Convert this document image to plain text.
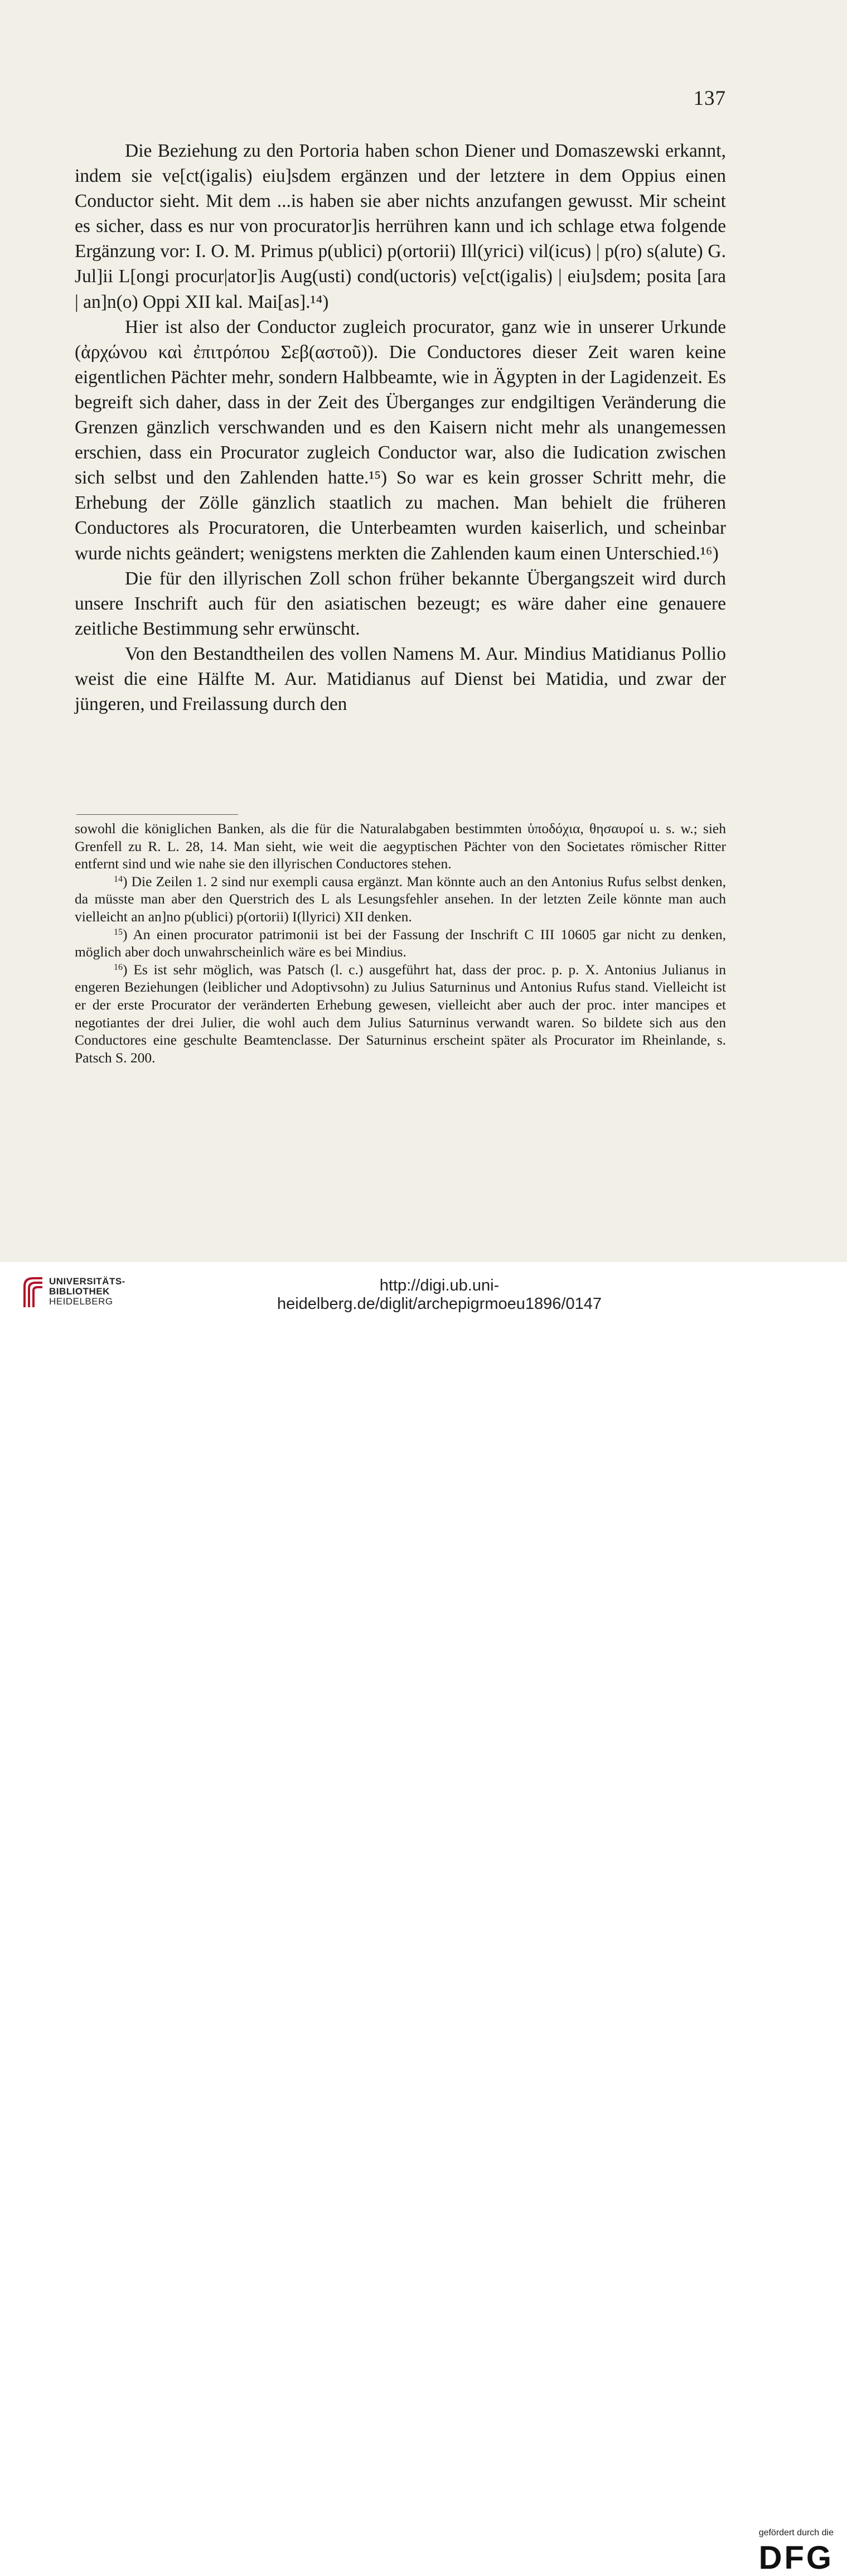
137

Die Beziehung zu den Portoria haben schon Diener und Domaszewski erkannt, indem sie ve[ct(igalis) eiu]sdem ergänzen und der letztere in dem Oppius einen Conductor sieht. Mit dem ...is haben sie aber nichts anzufangen gewusst. Mir scheint es sicher, dass es nur von procurator]is herrühren kann und ich schlage etwa folgende Ergänzung vor: I. O. M. Primus p(ublici) p(ortorii) Ill(yrici) vil(icus) | p(ro) s(alute) G. Jul]ii L[ongi procur|ator]is Aug(usti) cond(uctoris) ve[ct(igalis) | eiu]sdem; posita [ara | an]n(o) Oppi XII kal. Mai[as].¹⁴)

Hier ist also der Conductor zugleich procurator, ganz wie in unserer Urkunde (ἀρχώνου καὶ ἐπιτρόπου Σεβ(αστοῦ)). Die Conductores dieser Zeit waren keine eigentlichen Pächter mehr, sondern Halbbeamte, wie in Ägypten in der Lagidenzeit. Es begreift sich daher, dass in der Zeit des Überganges zur endgiltigen Veränderung die Grenzen gänzlich verschwanden und es den Kaisern nicht mehr als unangemessen erschien, dass ein Procurator zugleich Conductor war, also die Iudication zwischen sich selbst und den Zahlenden hatte.¹⁵) So war es kein grosser Schritt mehr, die Erhebung der Zölle gänzlich staatlich zu machen. Man behielt die früheren Conductores als Procuratoren, die Unterbeamten wurden kaiserlich, und scheinbar wurde nichts geändert; wenigstens merkten die Zahlenden kaum einen Unterschied.¹⁶)

Die für den illyrischen Zoll schon früher bekannte Übergangszeit wird durch unsere Inschrift auch für den asiatischen bezeugt; es wäre daher eine genauere zeitliche Bestimmung sehr erwünscht.

Von den Bestandtheilen des vollen Namens M. Aur. Mindius Matidianus Pollio weist die eine Hälfte M. Aur. Matidianus auf Dienst bei Matidia, und zwar der jüngeren, und Freilassung durch den

sowohl die königlichen Banken, als die für die Naturalabgaben bestimmten ὑποδόχια, θησαυροί u. s. w.; sieh Grenfell zu R. L. 28, 14. Man sieht, wie weit die aegyptischen Pächter von den Societates römischer Ritter entfernt sind und wie nahe sie den illyrischen Conductores stehen.

$^{14}$) Die Zeilen 1. 2 sind nur exempli causa ergänzt. Man könnte auch an den Antonius Rufus selbst denken, da müsste man aber den Querstrich des L als Lesungsfehler ansehen. In der letzten Zeile könnte man auch vielleicht an an]no p(ublici) p(ortorii) I(llyrici) XII denken.

$^{15}$) An einen procurator patrimonii ist bei der Fassung der Inschrift C III 10605 gar nicht zu denken, möglich aber doch unwahrscheinlich wäre es bei Mindius.

$^{16}$) Es ist sehr möglich, was Patsch (l. c.) ausgeführt hat, dass der proc. p. p. X. Antonius Julianus in engeren Beziehungen (leiblicher und Adoptivsohn) zu Julius Saturninus und Antonius Rufus stand. Vielleicht ist er der erste Procurator der veränderten Erhebung gewesen, vielleicht aber auch der proc. inter mancipes et negotiantes der drei Julier, die wohl auch dem Julius Saturninus verwandt waren. So bildete sich aus den Conductores eine geschulte Beamtenclasse. Der Saturninus erscheint später als Procurator im Rheinlande, s. Patsch S. 200.

UNIVERSITÄTS-
BIBLIOTHEK
HEIDELBERG
gefördert durch die
DFG
http://digi.ub.uni-heidelberg.de/diglit/archepigrmoeu1896/0147
